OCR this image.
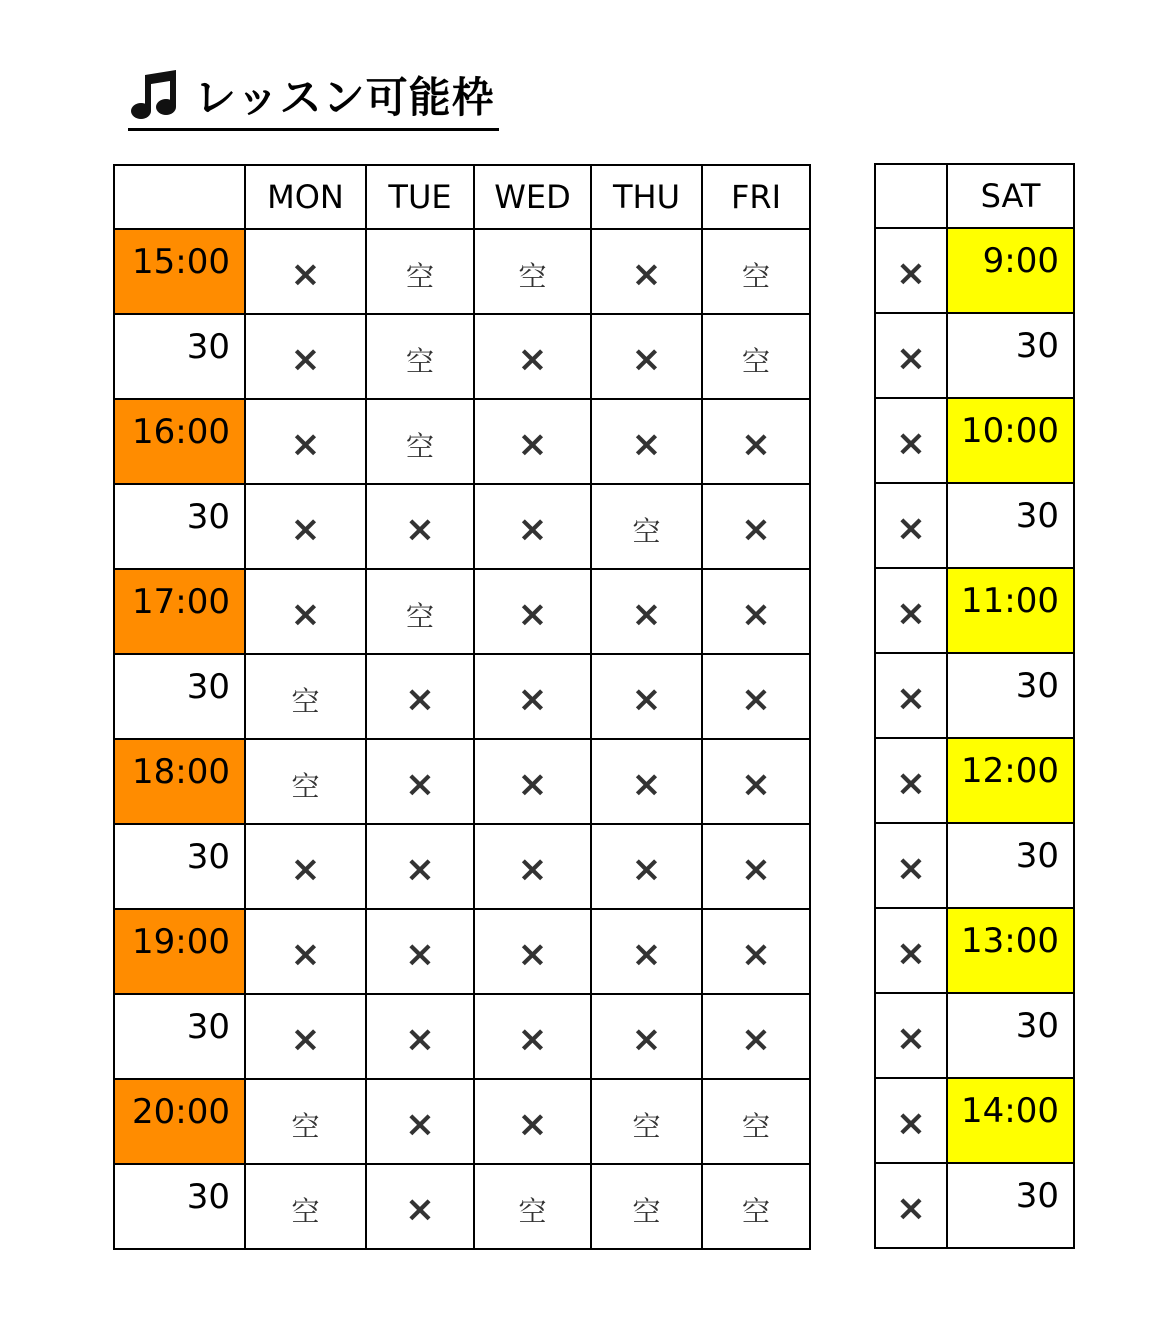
レッスン可能枠
	MON	TUE	WED	THU	FRI
15:00	×	空	空	×	空
30	×	空	×	×	空
16:00	×	空	×	×	×
30	×	×	×	空	×
17:00	×	空	×	×	×
30	空	×	×	×	×
18:00	空	×	×	×	×
30	×	×	×	×	×
19:00	×	×	×	×	×
30	×	×	×	×	×
20:00	空	×	×	空	空
30	空	×	空	空	空
	SAT
×	9:00
×	30
×	10:00
×	30
×	11:00
×	30
×	12:00
×	30
×	13:00
×	30
×	14:00
×	30
